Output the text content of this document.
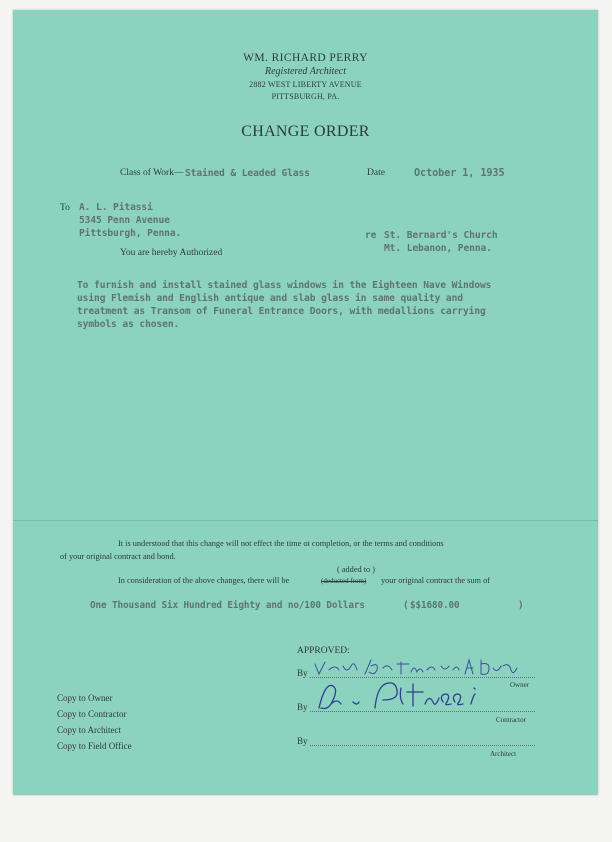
WM. RICHARD PERRY
Registered Architect
2882 WEST LIBERTY AVENUE
PITTSBURGH, PA.
CHANGE ORDER
Class of Work— Stained & Leaded Glass	Date	October 1, 1935
To A. L. Pitassi
5345 Penn Avenue
Pittsburgh, Penna.	re St. Bernard's Church
Mt. Lebanon, Penna.
You are hereby Authorized
To furnish and install stained glass windows in the Eighteen Nave Windows
using Flemish and English antique and slab glass in same quality and
treatment as Transom of Funeral Entrance Doors, with medallions carrying
symbols as chosen.
It is understood that this change will not effect the time ot completion, or the terms and conditions
of your original contract and bond.
( added to )
In consideration of the above changes, there will be	(deducted from) your original contract the sum of
One Thousand Six Hundred Eighty and no/100 Dollars	( $$1680.00	)
APPROVED:
By
Owner
By
Contractor
By
Architect
Copy to Owner
Copy to Contractor
Copy to Architect
Copy to Field Office
